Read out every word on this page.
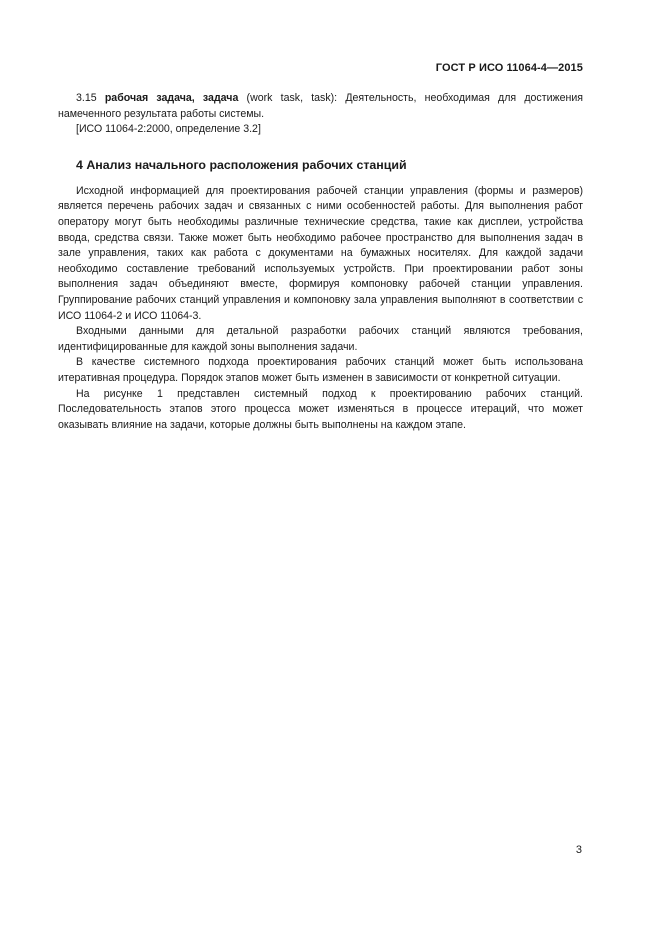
ГОСТ Р ИСО 11064-4—2015

3.15 рабочая задача, задача (work task, task): Деятельность, необходимая для достижения намеченного результата работы системы.

[ИСО 11064-2:2000, определение 3.2]

4 Анализ начального расположения рабочих станций

Исходной информацией для проектирования рабочей станции управления (формы и размеров) является перечень рабочих задач и связанных с ними особенностей работы. Для выполнения работ оператору могут быть необходимы различные технические средства, такие как дисплеи, устройства ввода, средства связи. Также может быть необходимо рабочее пространство для выполнения задач в зале управления, таких как работа с документами на бумажных носителях. Для каждой задачи необходимо составление требований используемых устройств. При проектировании работ зоны выполнения задач объединяют вместе, формируя компоновку рабочей станции управления. Группирование рабочих станций управления и компоновку зала управления выполняют в соответствии с ИСО 11064-2 и ИСО 11064-3.

Входными данными для детальной разработки рабочих станций являются требования, идентифицированные для каждой зоны выполнения задачи.

В качестве системного подхода проектирования рабочих станций может быть использована итеративная процедура. Порядок этапов может быть изменен в зависимости от конкретной ситуации.

На рисунке 1 представлен системный подход к проектированию рабочих станций. Последовательность этапов этого процесса может изменяться в процессе итераций, что может оказывать влияние на задачи, которые должны быть выполнены на каждом этапе.

3
